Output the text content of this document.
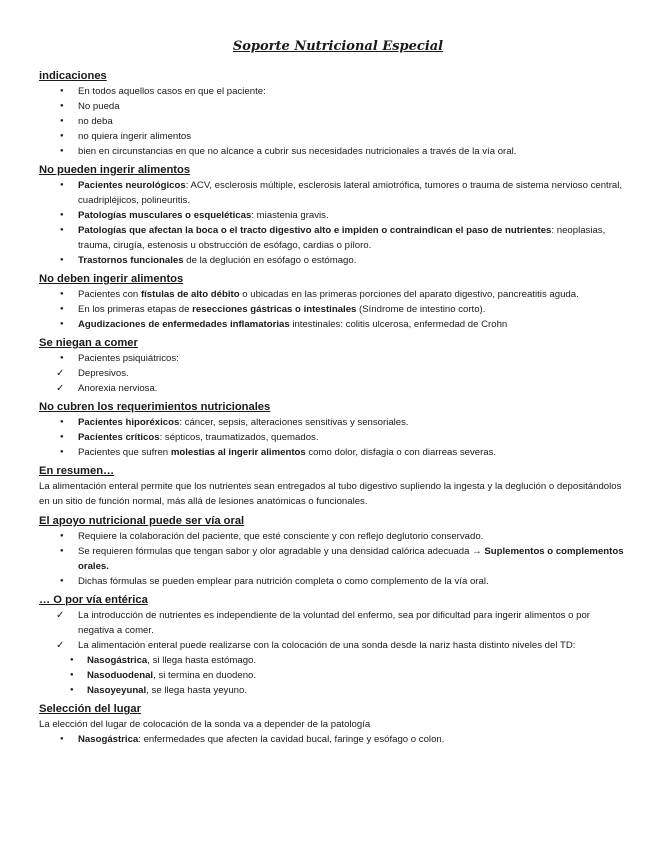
Soporte Nutricional Especial
indicaciones
● En todos aquellos casos en que el paciente:
● No pueda
● no deba
● no quiera ingerir alimentos
● bien en circunstancias en que no alcance a cubrir sus necesidades nutricionales a través de la vía oral.
No pueden ingerir alimentos
● Pacientes neurológicos: ACV, esclerosis múltiple, esclerosis lateral amiotrófica, tumores o trauma de sistema nervioso central, cuadripléjicos, polineuritis.
● Patologías musculares o esqueléticas: miastenia gravis.
● Patologías que afectan la boca o el tracto digestivo alto e impiden o contraindican el paso de nutrientes: neoplasias, trauma, cirugía, estenosis u obstrucción de esófago, cardias o píloro.
● Trastornos funcionales de la deglución en esófago o estómago.
No deben ingerir alimentos
● Pacientes con fístulas de alto débito o ubicadas en las primeras porciones del aparato digestivo, pancreatitis aguda.
● En los primeras etapas de resecciones gástricas o intestinales (Síndrome de intestino corto).
● Agudizaciones de enfermedades inflamatorias intestinales: colitis ulcerosa, enfermedad de Crohn
Se niegan a comer
● Pacientes psiquiátricos:
✓ Depresivos.
✓ Anorexia nerviosa.
No cubren los requerimientos nutricionales
● Pacientes hiporéxicos: cáncer, sepsis, alteraciones sensitivas y sensoriales.
● Pacientes críticos: sépticos, traumatizados, quemados.
● Pacientes que sufren molestias al ingerir alimentos como dolor, disfagia o con diarreas severas.
En resumen…

La alimentación enteral permite que los nutrientes sean entregados al tubo digestivo supliendo la ingesta y la deglución o depositándolos en un sitio de función normal, más allá de lesiones anatómicas o funcionales.

El apoyo nutricional puede ser vía oral
● Requiere la colaboración del paciente, que esté consciente y con reflejo deglutorio conservado.
● Se requieren fórmulas que tengan sabor y olor agradable y una densidad calórica adecuada → Suplementos o complementos orales.
● Dichas fórmulas se pueden emplear para nutrición completa o como complemento de la vía oral.
… O por vía entérica
✓ La introducción de nutrientes es independiente de la voluntad del enfermo, sea por dificultad para ingerir alimentos o por negativa a comer.
✓ La alimentación enteral puede realizarse con la colocación de una sonda desde la nariz hasta distinto niveles del TD:
● Nasogástrica, si llega hasta estómago.
● Nasoduodenal, si termina en duodeno.
● Nasoyeyunal, se llega hasta yeyuno.
Selección del lugar

La elección del lugar de colocación de la sonda va a depender de la patología

● Nasogástrica: enfermedades que afecten la cavidad bucal, faringe y esófago o colon.
